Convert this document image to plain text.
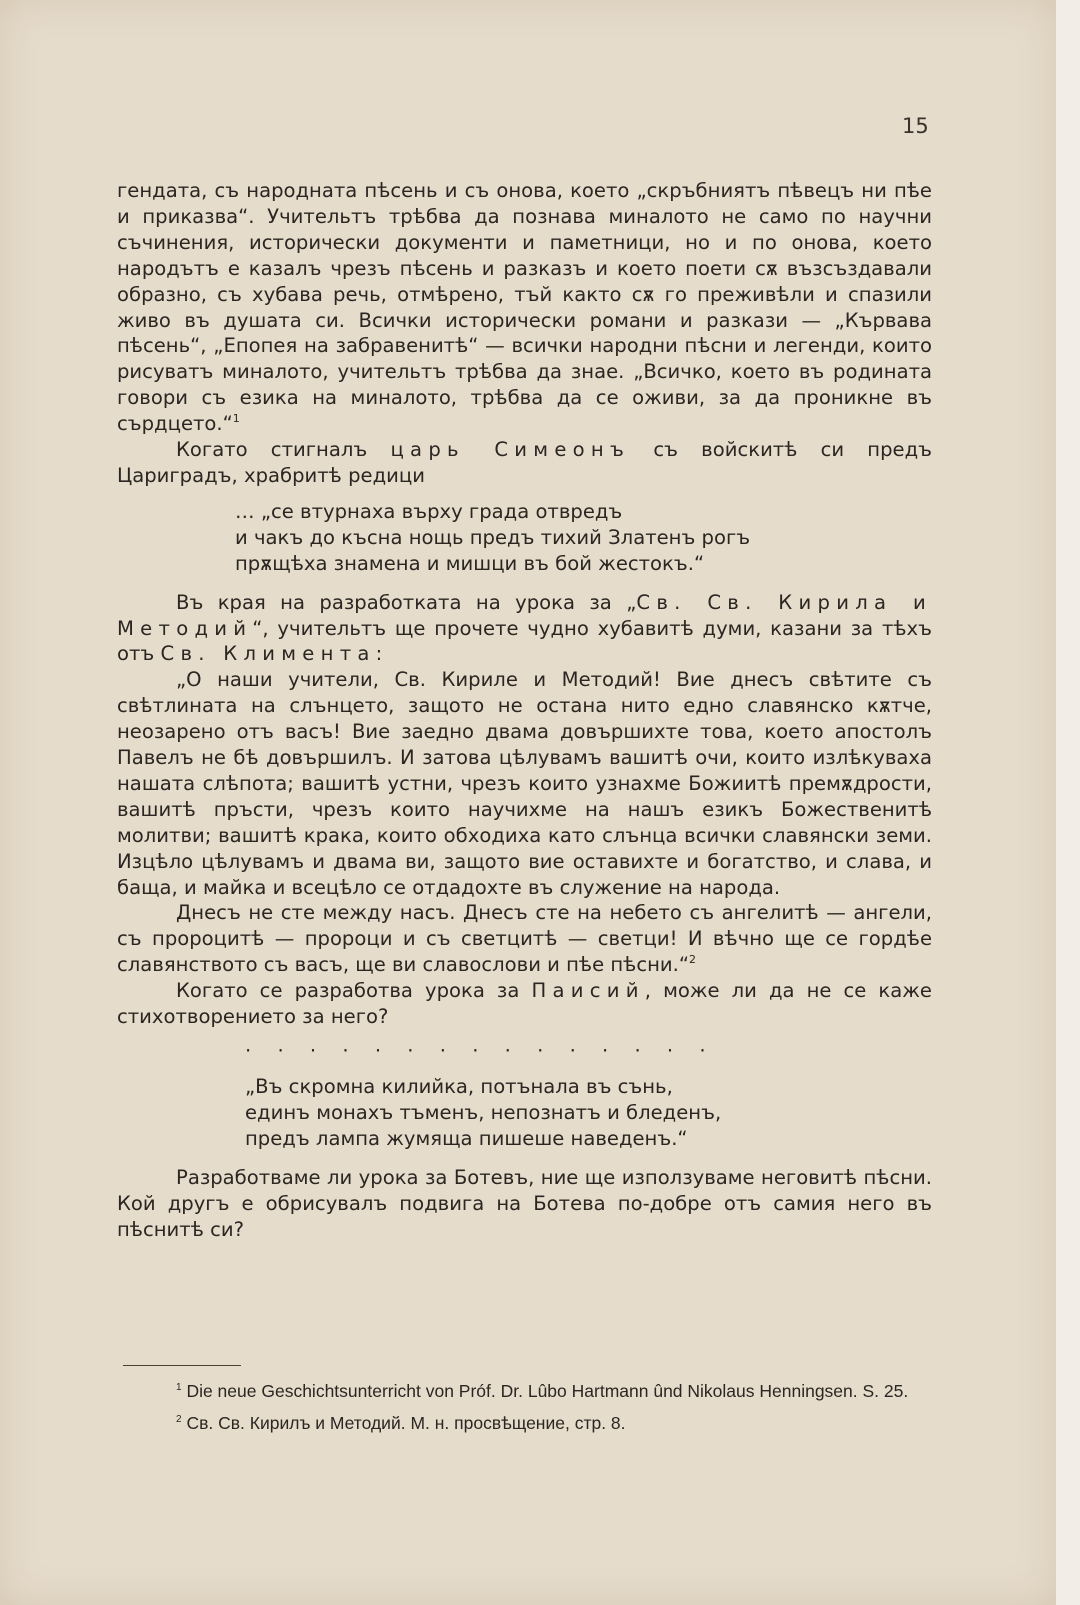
15

гендата, съ народната пѣсень и съ онова, което „скръбниятъ пѣвецъ ни пѣе и приказва“. Учительтъ трѣбва да познава миналото не само по научни съчинения, исторически документи и паметници, но и по онова, което народътъ е казалъ чрезъ пѣсень и разказъ и което поети сѫ възсъздавали образно, съ хубава речь, отмѣрено, тъй както сѫ го преживѣли и спазили живо въ душата си. Всички исторически романи и разкази — „Кървава пѣсень“, „Епопея на забравенитѣ“ — всички народни пѣсни и легенди, които рисуватъ миналото, учительтъ трѣбва да знае. „Всичко, което въ родината говори съ езика на миналото, трѣбва да се оживи, за да проникне въ сърдцето.“$^1$

Когато стигналъ царь Симеонъ съ войскитѣ си предъ Цариградъ, храбритѣ редици

… „се втурнаха върху града отвредъ
и чакъ до късна нощь предъ тихий Златенъ рогъ
прѫщѣха знамена и мишци въ бой жестокъ.“

Въ края на разработката на урока за „Св. Св. Кирила и Методий“, учительтъ ще прочете чудно хубавитѣ думи, казани за тѣхъ отъ Св. Климента:

„О наши учители, Св. Кириле и Методий! Вие днесъ свѣтите съ свѣтлината на слънцето, защото не остана нито едно славянско кѫтче, неозарено отъ васъ! Вие заедно двама довършихте това, което апостолъ Павелъ не бѣ довършилъ. И затова цѣлувамъ вашитѣ очи, които излѣкуваха нашата слѣпота; вашитѣ устни, чрезъ които узнахме Божиитѣ премѫдрости, вашитѣ пръсти, чрезъ които научихме на нашъ езикъ Божественитѣ молитви; вашитѣ крака, които обходиха като слънца всички славянски земи. Изцѣло цѣлувамъ и двама ви, защото вие оставихте и богатство, и слава, и баща, и майка и всецѣло се отдадохте въ служение на народа.

Днесъ не сте между насъ. Днесъ сте на небето съ ангелитѣ — ангели, съ пророцитѣ — пророци и съ светцитѣ — светци! И вѣчно ще се гордѣе славянството съ васъ, ще ви славослови и пѣе пѣсни.“$^2$

Когато се разработва урока за Паисий, може ли да не се каже стихотворението за него?

· · · · · · · · · · · · · · ·
„Въ скромна килийка, потънала въ сънь,
единъ монахъ тъменъ, непознатъ и бледенъ,
предъ лампа жумяща пишеше наведенъ.“

Разработваме ли урока за Ботевъ, ние ще използуваме неговитѣ пѣсни. Кой другъ е обрисувалъ подвига на Ботева по-добре отъ самия него въ пѣснитѣ си?

$^1$ Die neue Geschichtsunterricht von Próf. Dr. Lûbo Hartmann ûnd Nikolaus Henningsen. S. 25.

$^2$ Св. Св. Кирилъ и Методий. М. н. просвѣщение, стр. 8.
